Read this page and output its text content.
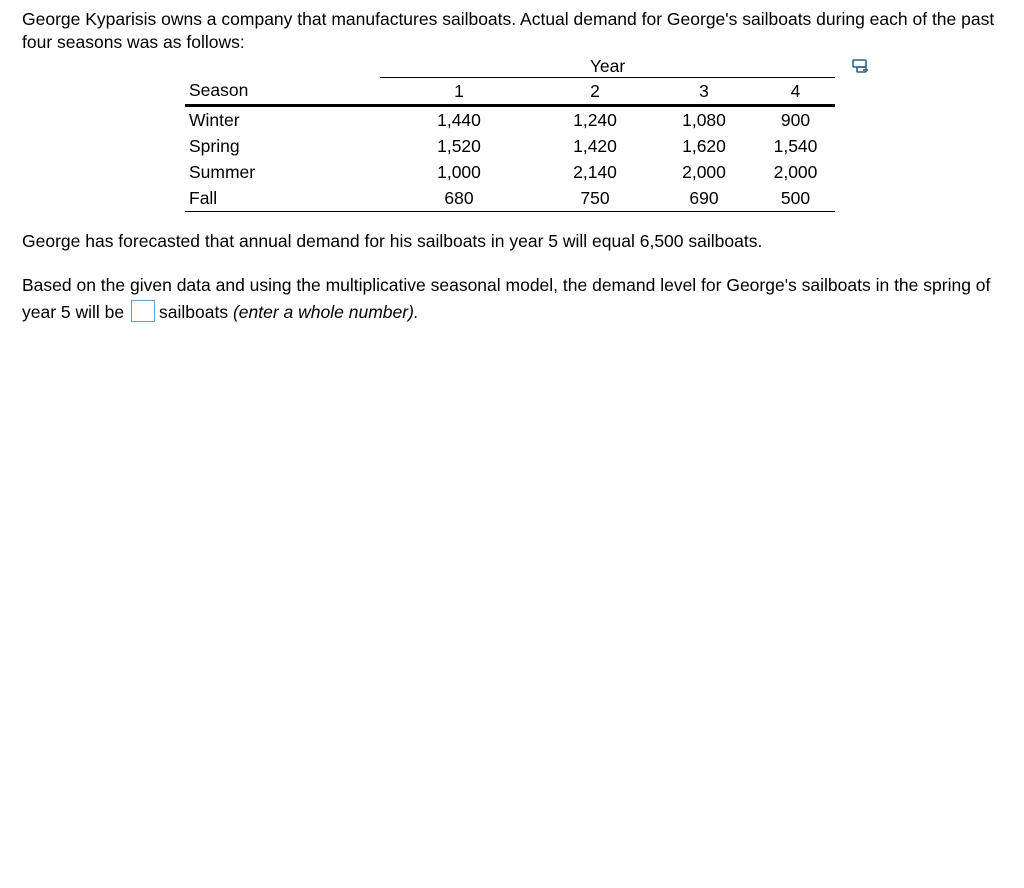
George Kyparisis owns a company that manufactures sailboats. Actual demand for George's sailboats during each of the past four seasons was as follows:

	Year			
Season	1	2	3	4
Winter	1,440	1,240	1,080	900
Spring	1,520	1,420	1,620	1,540
Summer	1,000	2,140	2,000	2,000
Fall	680	750	690	500

George has forecasted that annual demand for his sailboats in year 5 will equal 6,500 sailboats.

Based on the given data and using the multiplicative seasonal model, the demand level for George's sailboats in the spring of year 5 will be sailboats (enter a whole number).
